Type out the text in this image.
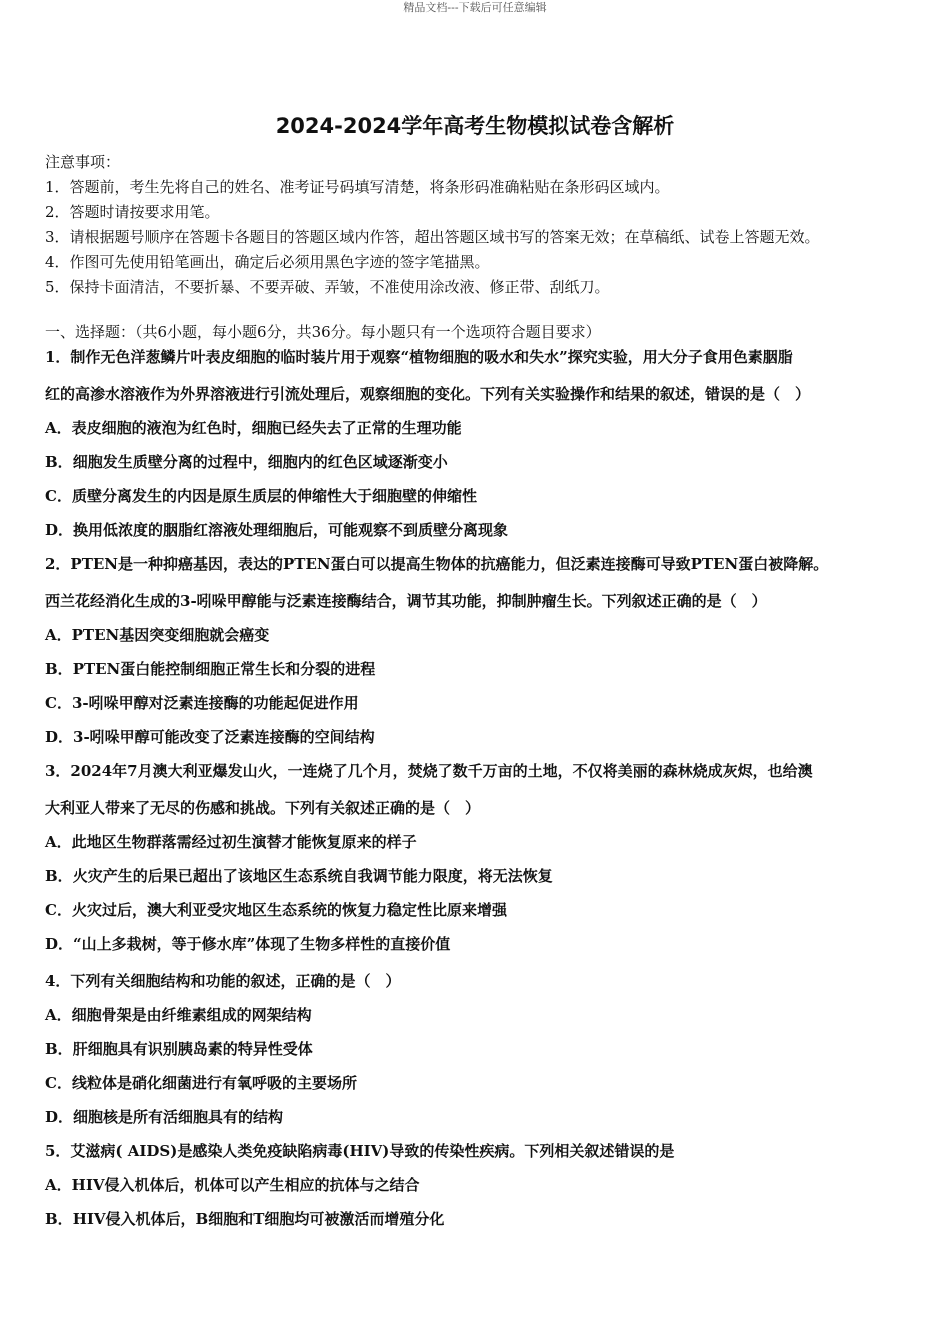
精品文档---下载后可任意编辑
2024-2024学年高考生物模拟试卷含解析
注意事项：
1．答题前，考生先将自己的姓名、准考证号码填写清楚，将条形码准确粘贴在条形码区域内。
2．答题时请按要求用笔。
3．请根据题号顺序在答题卡各题目的答题区域内作答，超出答题区域书写的答案无效；在草稿纸、试卷上答题无效。
4．作图可先使用铅笔画出，确定后必须用黑色字迹的签字笔描黑。
5．保持卡面清洁，不要折暴、不要弄破、弄皱，不准使用涂改液、修正带、刮纸刀。
一、选择题：（共6小题，每小题6分，共36分。每小题只有一个选项符合题目要求）
1．制作无色洋葱鳞片叶表皮细胞的临时装片用于观察“植物细胞的吸水和失水”探究实验，用大分子食用色素胭脂
红的高渗水溶液作为外界溶液进行引流处理后，观察细胞的变化。下列有关实验操作和结果的叙述，错误的是（　）
A．表皮细胞的液泡为红色时，细胞已经失去了正常的生理功能
B．细胞发生质壁分离的过程中，细胞内的红色区域逐渐变小
C．质壁分离发生的内因是原生质层的伸缩性大于细胞壁的伸缩性
D．换用低浓度的胭脂红溶液处理细胞后，可能观察不到质壁分离现象
2．PTEN是一种抑癌基因，表达的PTEN蛋白可以提高生物体的抗癌能力，但泛素连接酶可导致PTEN蛋白被降解。
西兰花经消化生成的3-吲哚甲醇能与泛素连接酶结合，调节其功能，抑制肿瘤生长。下列叙述正确的是（　）
A．PTEN基因突变细胞就会癌变
B．PTEN蛋白能控制细胞正常生长和分裂的进程
C．3-吲哚甲醇对泛素连接酶的功能起促进作用
D．3-吲哚甲醇可能改变了泛素连接酶的空间结构
3．2024年7月澳大利亚爆发山火，一连烧了几个月，焚烧了数千万亩的土地，不仅将美丽的森林烧成灰烬，也给澳
大利亚人带来了无尽的伤感和挑战。下列有关叙述正确的是（　）
A．此地区生物群落需经过初生演替才能恢复原来的样子
B．火灾产生的后果已超出了该地区生态系统自我调节能力限度，将无法恢复
C．火灾过后，澳大利亚受灾地区生态系统的恢复力稳定性比原来增强
D．“山上多栽树，等于修水库”体现了生物多样性的直接价值
4．下列有关细胞结构和功能的叙述，正确的是（　）
A．细胞骨架是由纤维素组成的网架结构
B．肝细胞具有识别胰岛素的特异性受体
C．线粒体是硝化细菌进行有氧呼吸的主要场所
D．细胞核是所有活细胞具有的结构
5．艾滋病( AIDS)是感染人类免疫缺陷病毒(HIV)导致的传染性疾病。下列相关叙述错误的是
A．HIV侵入机体后，机体可以产生相应的抗体与之结合
B．HIV侵入机体后，B细胞和T细胞均可被激活而增殖分化
